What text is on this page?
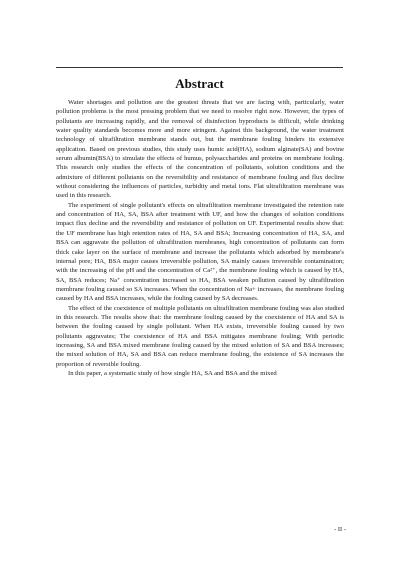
Abstract

Water shortages and pollution are the greatest threats that we are facing with, particularly, water pollution problems is the most pressing problem that we need to resolve right now. However, the types of pollutants are increasing rapidly, and the removal of disinfection byproducts is difficult, while drinking water quality standards becomes more and more stringent. Against this background, the water treatment technology of ultrafiltration membrane stands out, but the membrane fouling hinders its extensive application. Based on previous studies, this study uses humic acid(HA), sodium alginate(SA) and bovine serum albumin(BSA) to simulate the effects of humus, polysaccharides and proteins on membrane fouling. This research only studies the effects of the concentration of pollutants, solution conditions and the admixture of different pollutants on the reversibility and resistance of membrane fouling and flux decline without considering the influences of particles, turbidity and metal ions. Flat ultrafiltration membrane was used in this research.

The experiment of single pollutant's effects on ultrafiltration membrane investigated the retention rate and concentration of HA, SA, BSA after treatment with UF, and how the changes of solution conditions impact flux decline and the reversibility and resistance of pollution on UF. Experimental results show that: the UF membrane has high retention rates of HA, SA and BSA; Increasing concentration of HA, SA, and BSA can aggravate the pollution of ultrafiltration membranes, high concentration of pollutants can form thick cake layer on the surface of membrane and increase the pollutants which adsorbed by membrane's internal pore; HA, BSA major causes irreversible pollution, SA mainly causes irreversible contamination; with the increasing of the pH and the concentration of Ca²⁺, the membrane fouling which is caused by HA, SA, BSA reduces; Na⁺ concentration increased so HA, BSA weaken pollution caused by ultrafiltration membrane fouling caused so SA increases. When the concentration of Na+ increases, the membrane fouling caused by HA and BSA increases, while the fouling caused by SA decreases.

The effect of the coexistence of multiple pollutants on ultrafiltration membrane fouling was also studied in this research. The results show that: the membrane fouling caused by the coexistence of HA and SA is between the fouling caused by single pollutant. When HA exists, irreversible fouling caused by two pollutants aggravates; The coexistence of HA and BSA mitigates membrane fouling; With periodic increasing, SA and BSA mixed membrane fouling caused by the mixed solution of SA and BSA increases; the mixed solution of HA, SA and BSA can reduce membrane fouling, the existence of SA increases the proportion of reversible fouling.

In this paper, a systematic study of how single HA, SA and BSA and the mixed

- II -
